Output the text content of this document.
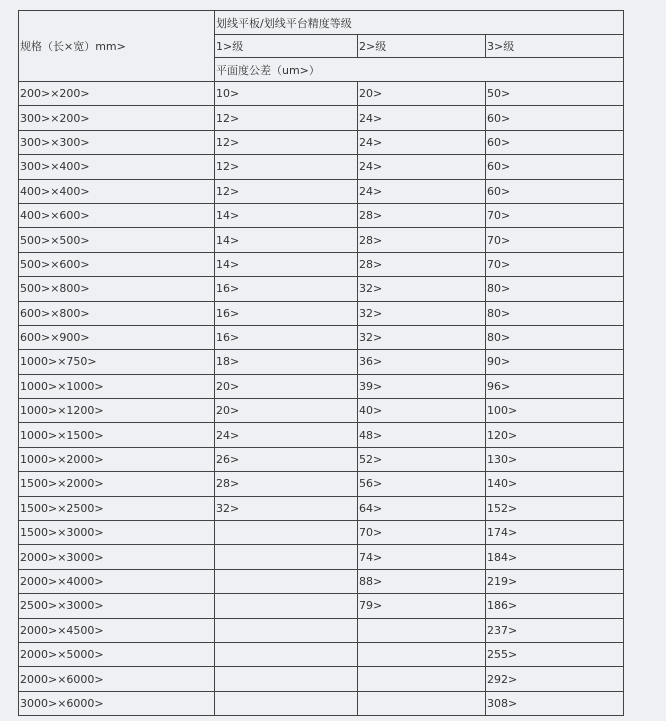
规格（长×宽）mm>	划线平板/划线平台精度等级		
	1>级	2>级	3>级
	平面度公差（um>）		
200>×200>	10>	20>	50>
300>×200>	12>	24>	60>
300>×300>	12>	24>	60>
300>×400>	12>	24>	60>
400>×400>	12>	24>	60>
400>×600>	14>	28>	70>
500>×500>	14>	28>	70>
500>×600>	14>	28>	70>
500>×800>	16>	32>	80>
600>×800>	16>	32>	80>
600>×900>	16>	32>	80>
1000>×750>	18>	36>	90>
1000>×1000>	20>	39>	96>
1000>×1200>	20>	40>	100>
1000>×1500>	24>	48>	120>
1000>×2000>	26>	52>	130>
1500>×2000>	28>	56>	140>
1500>×2500>	32>	64>	152>
1500>×3000>		70>	174>
2000>×3000>		74>	184>
2000>×4000>		88>	219>
2500>×3000>		79>	186>
2000>×4500>			237>
2000>×5000>			255>
2000>×6000>			292>
3000>×6000>			308>
